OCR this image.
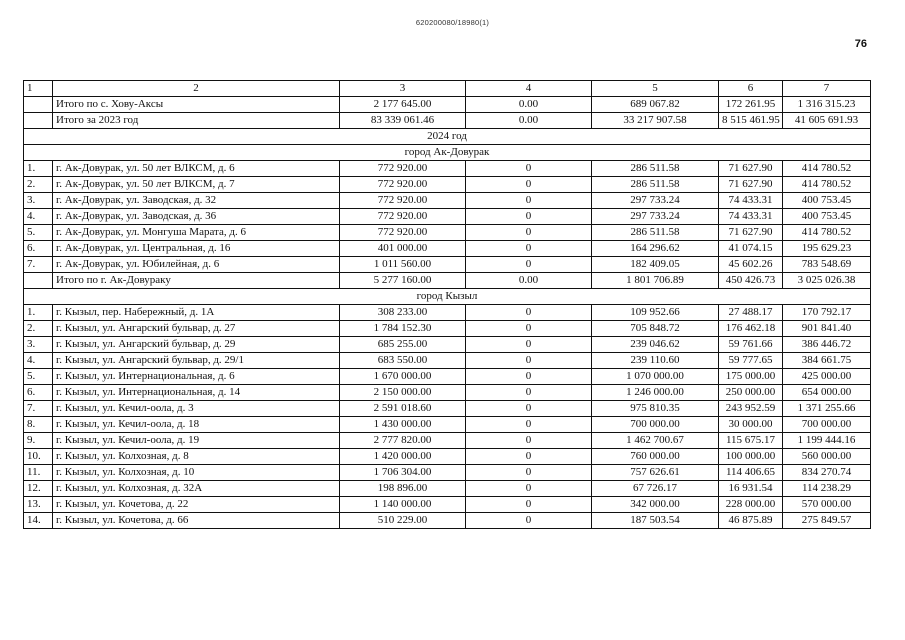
620200080/18980(1)
76
1	2	3	4	5	6	7
	Итого по с. Хову-Аксы	2 177 645.00	0.00	689 067.82	172 261.95	1 316 315.23
	Итого за 2023 год	83 339 061.46	0.00	33 217 907.58	8 515 461.95	41 605 691.93
2024 год						
город Ак-Довурак						
1.	г. Ак-Довурак, ул. 50 лет ВЛКСМ, д. 6	772 920.00	0	286 511.58	71 627.90	414 780.52
2.	г. Ак-Довурак, ул. 50 лет ВЛКСМ, д. 7	772 920.00	0	286 511.58	71 627.90	414 780.52
3.	г. Ак-Довурак, ул. Заводская, д. 32	772 920.00	0	297 733.24	74 433.31	400 753.45
4.	г. Ак-Довурак, ул. Заводская, д. 36	772 920.00	0	297 733.24	74 433.31	400 753.45
5.	г. Ак-Довурак, ул. Монгуша Марата, д. 6	772 920.00	0	286 511.58	71 627.90	414 780.52
6.	г. Ак-Довурак, ул. Центральная, д. 16	401 000.00	0	164 296.62	41 074.15	195 629.23
7.	г. Ак-Довурак, ул. Юбилейная, д. 6	1 011 560.00	0	182 409.05	45 602.26	783 548.69
	Итого по г. Ак-Довураку	5 277 160.00	0.00	1 801 706.89	450 426.73	3 025 026.38
город Кызыл						
1.	г. Кызыл, пер. Набережный, д. 1А	308 233.00	0	109 952.66	27 488.17	170 792.17
2.	г. Кызыл, ул. Ангарский бульвар, д. 27	1 784 152.30	0	705 848.72	176 462.18	901 841.40
3.	г. Кызыл, ул. Ангарский бульвар, д. 29	685 255.00	0	239 046.62	59 761.66	386 446.72
4.	г. Кызыл, ул. Ангарский бульвар, д. 29/1	683 550.00	0	239 110.60	59 777.65	384 661.75
5.	г. Кызыл, ул. Интернациональная, д. 6	1 670 000.00	0	1 070 000.00	175 000.00	425 000.00
6.	г. Кызыл, ул. Интернациональная, д. 14	2 150 000.00	0	1 246 000.00	250 000.00	654 000.00
7.	г. Кызыл, ул. Кечил-оола, д. 3	2 591 018.60	0	975 810.35	243 952.59	1 371 255.66
8.	г. Кызыл, ул. Кечил-оола, д. 18	1 430 000.00	0	700 000.00	30 000.00	700 000.00
9.	г. Кызыл, ул. Кечил-оола, д. 19	2 777 820.00	0	1 462 700.67	115 675.17	1 199 444.16
10.	г. Кызыл, ул. Колхозная, д. 8	1 420 000.00	0	760 000.00	100 000.00	560 000.00
11.	г. Кызыл, ул. Колхозная, д. 10	1 706 304.00	0	757 626.61	114 406.65	834 270.74
12.	г. Кызыл, ул. Колхозная, д. 32А	198 896.00	0	67 726.17	16 931.54	114 238.29
13.	г. Кызыл, ул. Кочетова, д. 22	1 140 000.00	0	342 000.00	228 000.00	570 000.00
14.	г. Кызыл, ул. Кочетова, д. 66	510 229.00	0	187 503.54	46 875.89	275 849.57
